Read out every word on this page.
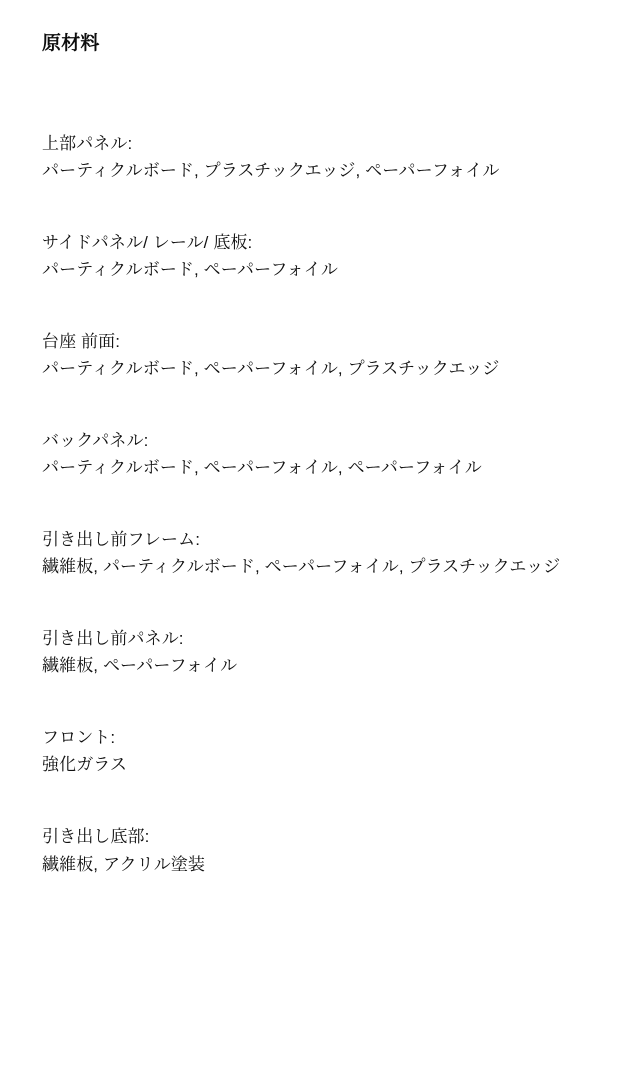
原材料
上部パネル:
パーティクルボード, プラスチックエッジ, ペーパーフォイル
サイドパネル/ レール/ 底板:
パーティクルボード, ペーパーフォイル
台座 前面:
パーティクルボード, ペーパーフォイル, プラスチックエッジ
バックパネル:
パーティクルボード, ペーパーフォイル, ペーパーフォイル
引き出し前フレーム:
繊維板, パーティクルボード, ペーパーフォイル, プラスチックエッジ
引き出し前パネル:
繊維板, ペーパーフォイル
フロント:
強化ガラス
引き出し底部:
繊維板, アクリル塗装
